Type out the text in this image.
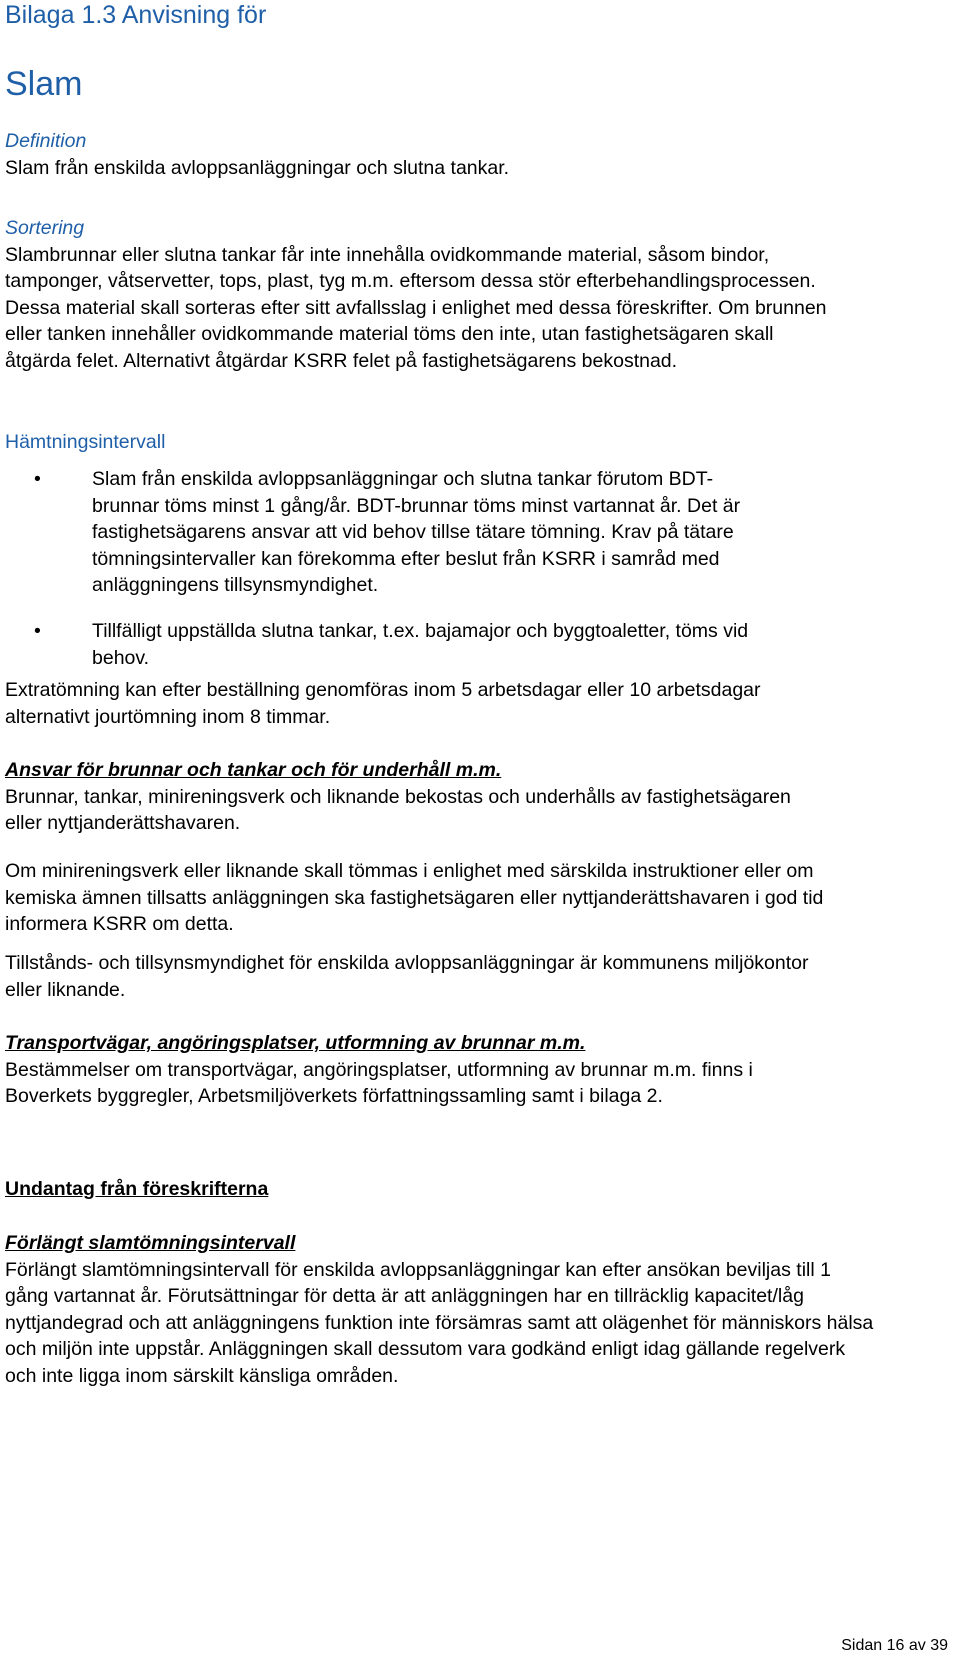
Bilaga 1.3 Anvisning för
Slam
Definition
Slam från enskilda avloppsanläggningar och slutna tankar.
Sortering
Slambrunnar eller slutna tankar får inte innehålla ovidkommande material, såsom bindor, tamponger, våtservetter, tops, plast, tyg m.m. eftersom dessa stör efterbehandlingsprocessen. Dessa material skall sorteras efter sitt avfallsslag i enlighet med dessa föreskrifter. Om brunnen eller tanken innehåller ovidkommande material töms den inte, utan fastighetsägaren skall åtgärda felet. Alternativt åtgärdar KSRR felet på fastighetsägarens bekostnad.
Hämtningsintervall
•	Slam från enskilda avloppsanläggningar och slutna tankar förutom BDT-brunnar töms minst 1 gång/år. BDT-brunnar töms minst vartannat år. Det är fastighetsägarens ansvar att vid behov tillse tätare tömning. Krav på tätare tömningsintervaller kan förekomma efter beslut från KSRR i samråd med anläggningens tillsynsmyndighet.
•	Tillfälligt uppställda slutna tankar, t.ex. bajamajor och byggtoaletter, töms vid behov.
Extratömning kan efter beställning genomföras inom 5 arbetsdagar eller 10 arbetsdagar alternativt jourtömning inom 8 timmar.
Ansvar för brunnar och tankar och för underhåll m.m.
Brunnar, tankar, minireningsverk och liknande bekostas och underhålls av fastighetsägaren eller nyttjanderättshavaren.
Om minireningsverk eller liknande skall tömmas i enlighet med särskilda instruktioner eller om kemiska ämnen tillsatts anläggningen ska fastighetsägaren eller nyttjanderättshavaren i god tid informera KSRR om detta.
Tillstånds- och tillsynsmyndighet för enskilda avloppsanläggningar är kommunens miljökontor eller liknande.
Transportvägar, angöringsplatser, utformning av brunnar m.m.
Bestämmelser om transportvägar, angöringsplatser, utformning av brunnar m.m. finns i Boverkets byggregler, Arbetsmiljöverkets författningssamling samt i bilaga 2.
Undantag från föreskrifterna
Förlängt slamtömningsintervall
Förlängt slamtömningsintervall för enskilda avloppsanläggningar kan efter ansökan beviljas till 1 gång vartannat år. Förutsättningar för detta är att anläggningen har en tillräcklig kapacitet/låg nyttjandegrad och att anläggningens funktion inte försämras samt att olägenhet för människors hälsa och miljön inte uppstår. Anläggningen skall dessutom vara godkänd enligt idag gällande regelverk och inte ligga inom särskilt känsliga områden.
Sidan 16 av 39
